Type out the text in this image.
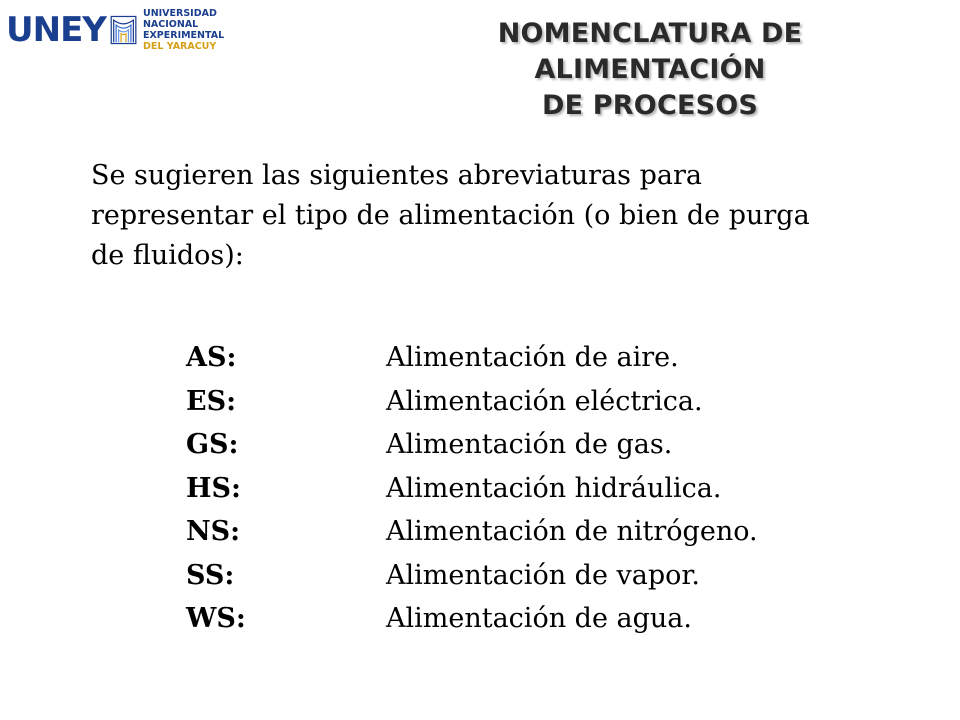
UNEY	UNIVERSIDAD NACIONAL
EXPERIMENTAL DEL YARACUY	NOMENCLATURA DE ALIMENTACIÓN
DE PROCESOS
Se sugieren las siguientes abreviaturas para representar el tipo de alimentación (o bien de purga de fluidos):
AS:	Alimentación de aire.
ES:	Alimentación eléctrica.
GS:	Alimentación de gas.
HS:	Alimentación hidráulica.
NS:	Alimentación de nitrógeno.
SS:	Alimentación de vapor.
WS:	Alimentación de agua.
